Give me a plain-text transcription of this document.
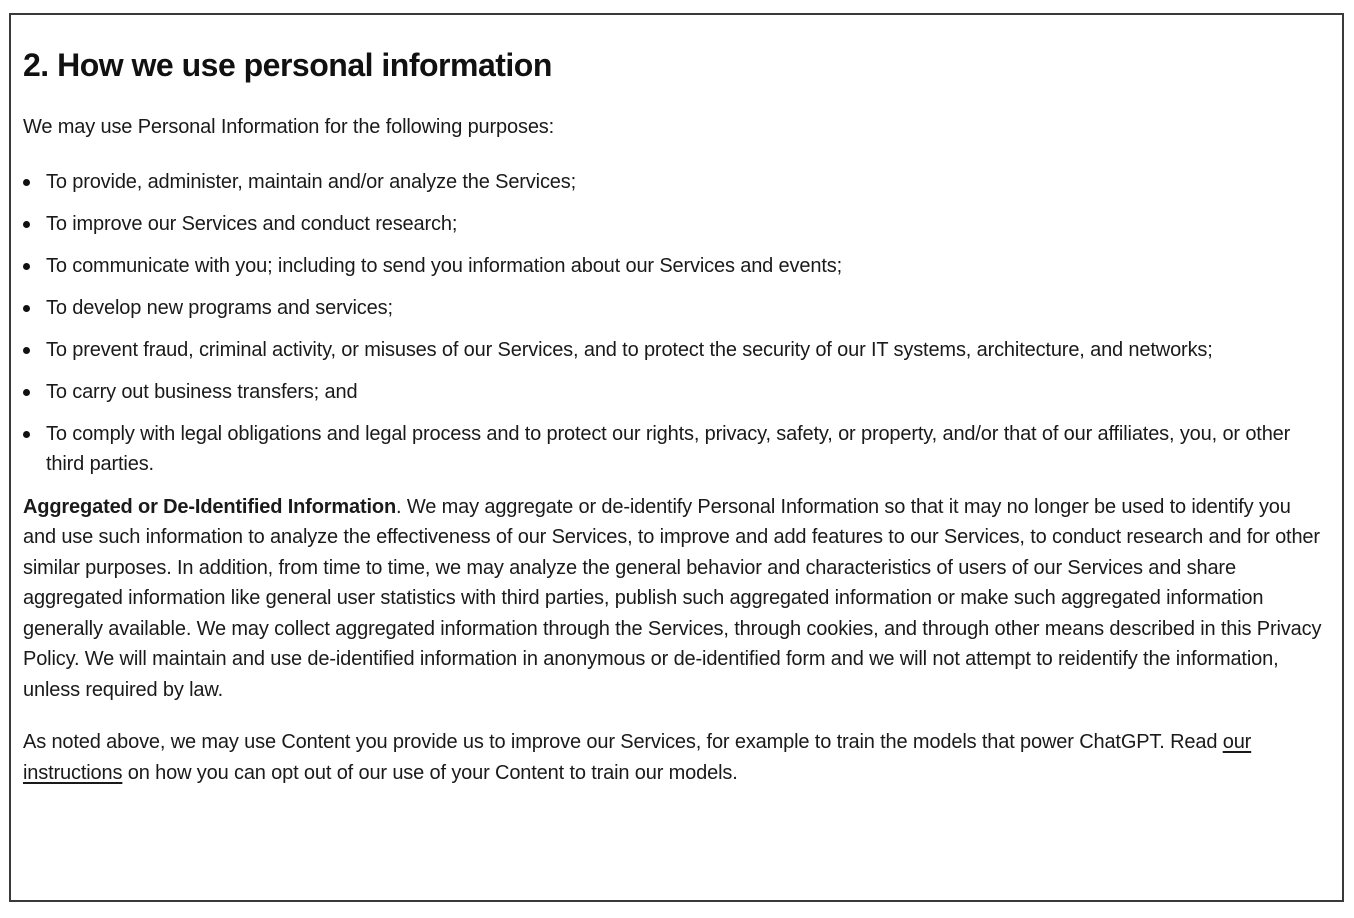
2. How we use personal information

We may use Personal Information for the following purposes:

To provide, administer, maintain and/or analyze the Services;
To improve our Services and conduct research;
To communicate with you; including to send you information about our Services and events;
To develop new programs and services;
To prevent fraud, criminal activity, or misuses of our Services, and to protect the security of our IT systems, architecture, and networks;
To carry out business transfers; and
To comply with legal obligations and legal process and to protect our rights, privacy, safety, or property, and/or that of our affiliates, you, or other third parties.

Aggregated or De-Identified Information. We may aggregate or de-identify Personal Information so that it may no longer be used to identify you and use such information to analyze the effectiveness of our Services, to improve and add features to our Services, to conduct research and for other similar purposes. In addition, from time to time, we may analyze the general behavior and characteristics of users of our Services and share aggregated information like general user statistics with third parties, publish such aggregated information or make such aggregated information generally available. We may collect aggregated information through the Services, through cookies, and through other means described in this Privacy Policy. We will maintain and use de-identified information in anonymous or de-identified form and we will not attempt to reidentify the information, unless required by law.

As noted above, we may use Content you provide us to improve our Services, for example to train the models that power ChatGPT. Read our instructions on how you can opt out of our use of your Content to train our models.
